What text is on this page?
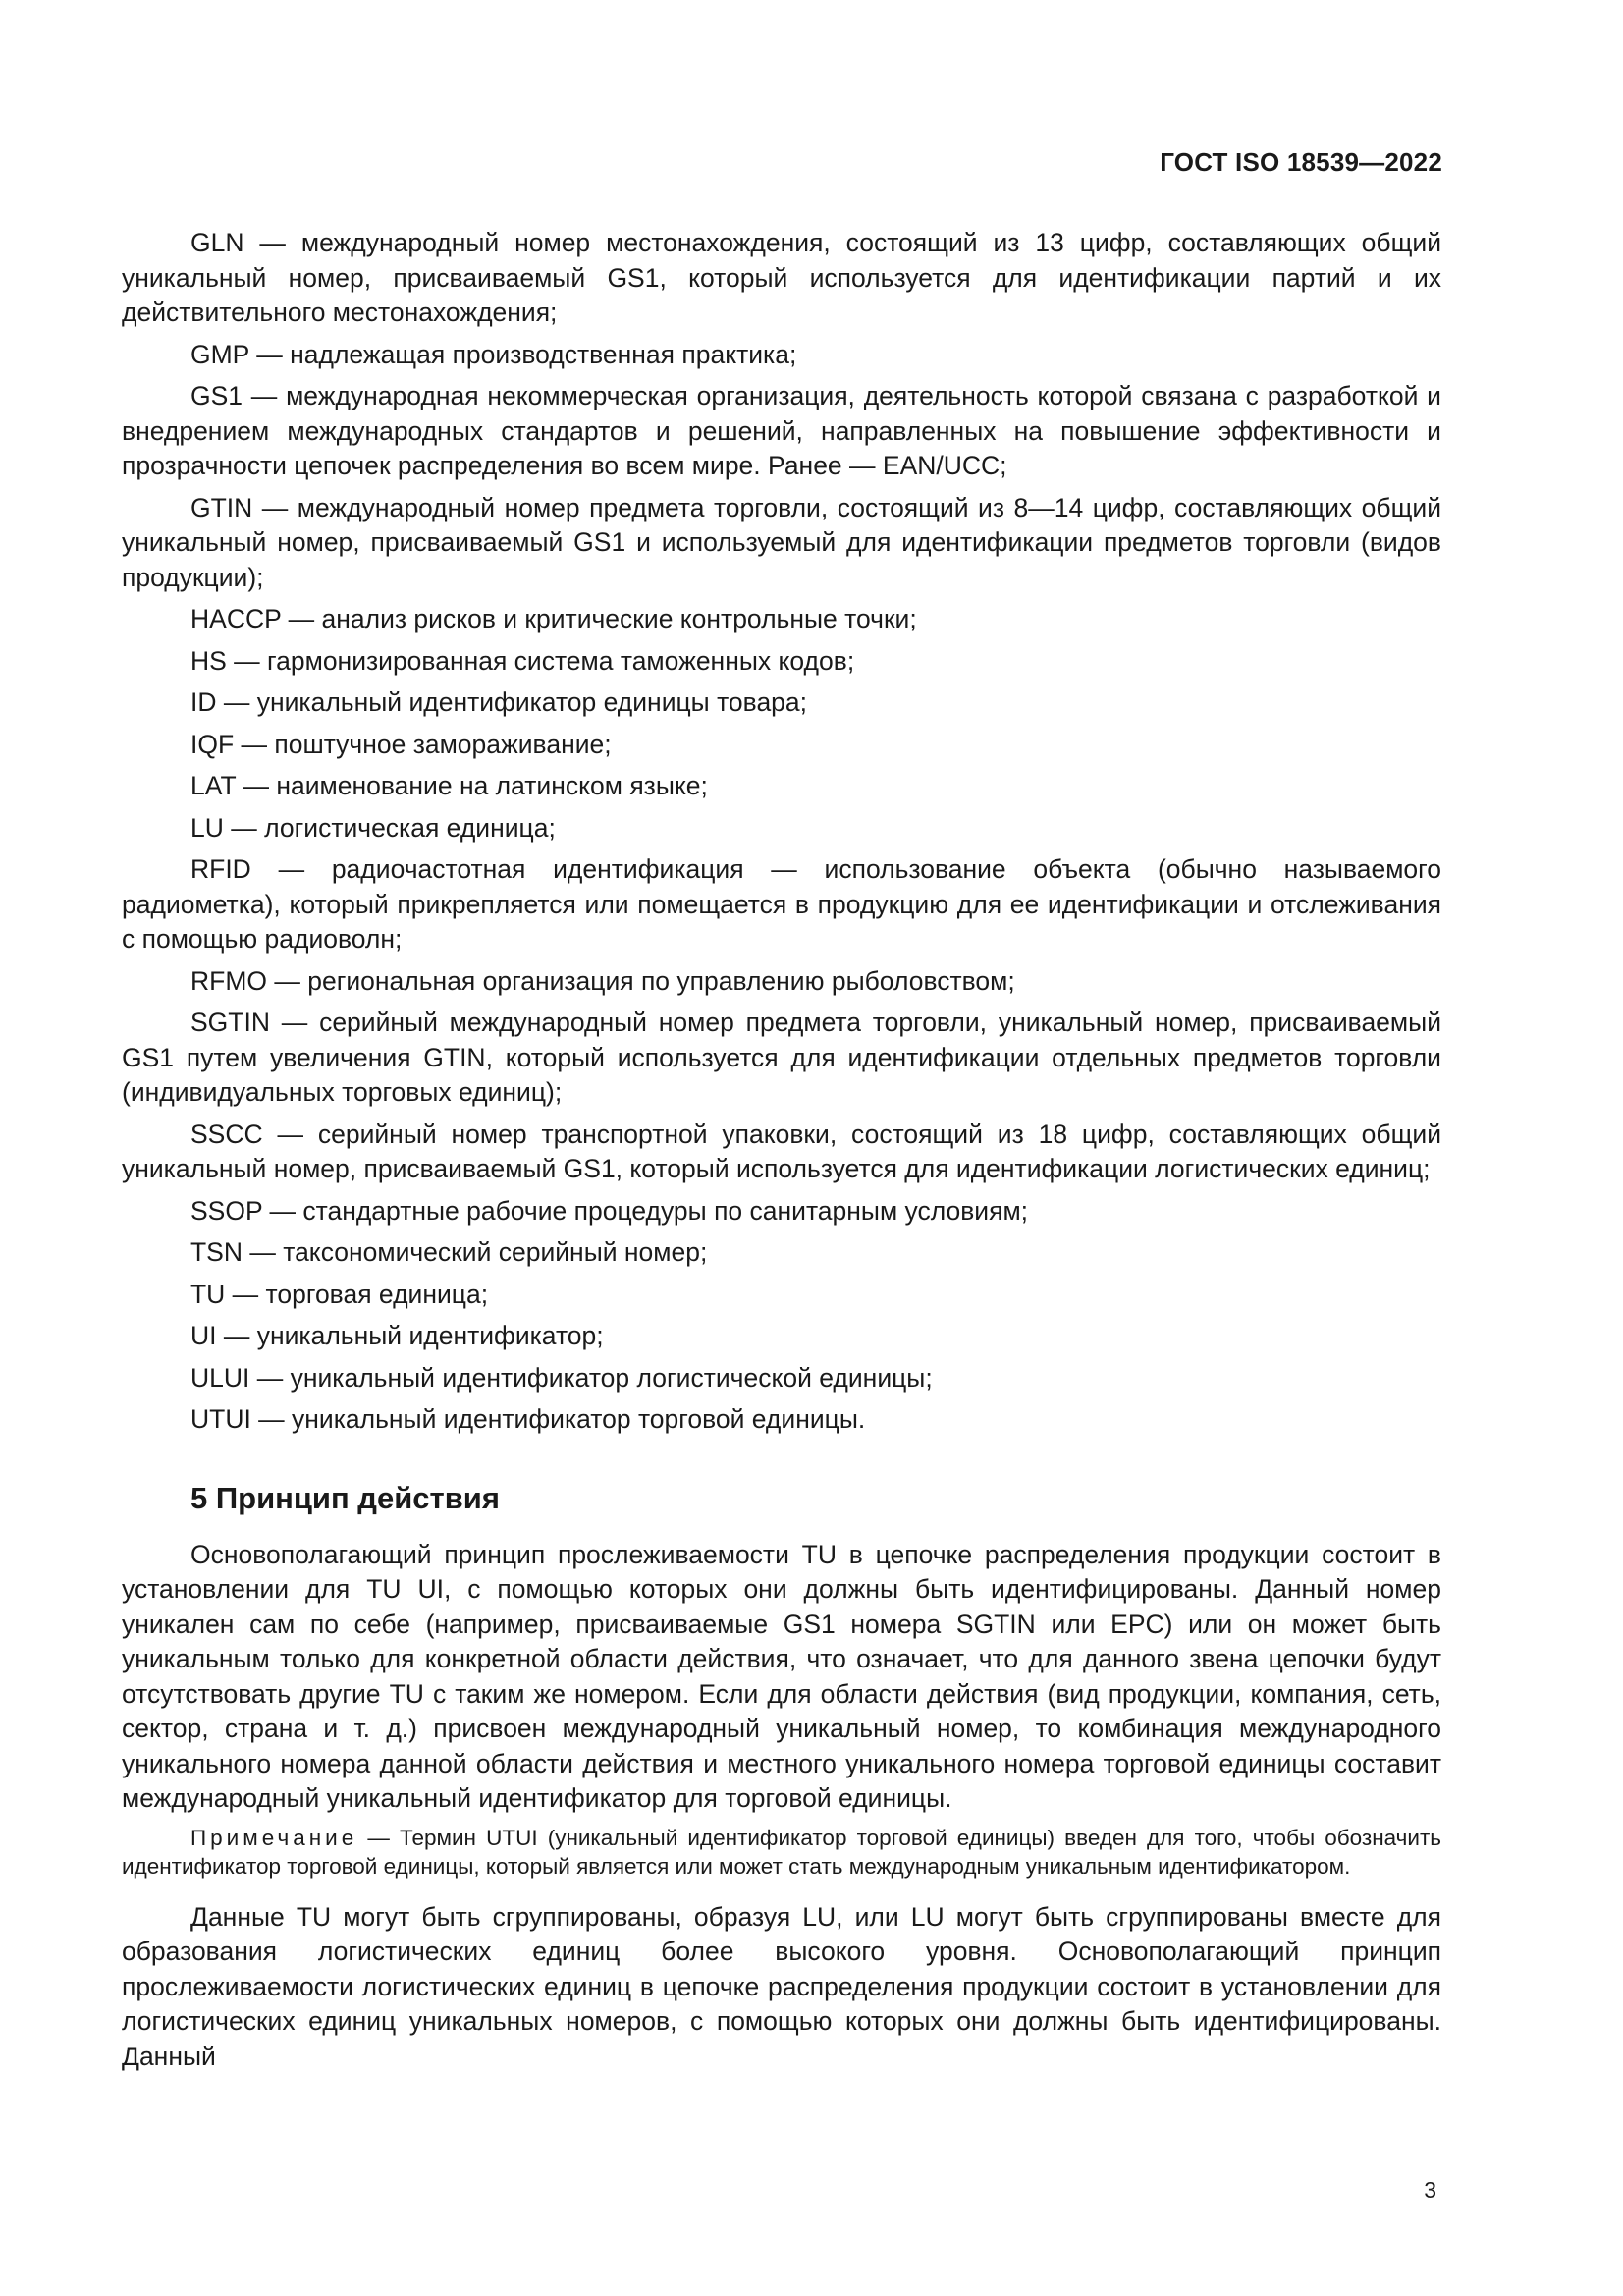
ГОСТ ISO 18539—2022

GLN — международный номер местонахождения, состоящий из 13 цифр, составляющих общий уникальный номер, присваиваемый GS1, который используется для идентификации партий и их действительного местонахождения;

GMP — надлежащая производственная практика;

GS1 — международная некоммерческая организация, деятельность которой связана с разработкой и внедрением международных стандартов и решений, направленных на повышение эффективности и прозрачности цепочек распределения во всем мире. Ранее — EAN/UCC;

GTIN — международный номер предмета торговли, состоящий из 8—14 цифр, составляющих общий уникальный номер, присваиваемый GS1 и используемый для идентификации предметов торговли (видов продукции);

HACCP — анализ рисков и критические контрольные точки;

HS — гармонизированная система таможенных кодов;

ID — уникальный идентификатор единицы товара;

IQF — поштучное замораживание;

LAT — наименование на латинском языке;

LU — логистическая единица;

RFID — радиочастотная идентификация — использование объекта (обычно называемого радиометка), который прикрепляется или помещается в продукцию для ее идентификации и отслеживания с помощью радиоволн;

RFMO — региональная организация по управлению рыболовством;

SGTIN — серийный международный номер предмета торговли, уникальный номер, присваиваемый GS1 путем увеличения GTIN, который используется для идентификации отдельных предметов торговли (индивидуальных торговых единиц);

SSCC — серийный номер транспортной упаковки, состоящий из 18 цифр, составляющих общий уникальный номер, присваиваемый GS1, который используется для идентификации логистических единиц;

SSOP — стандартные рабочие процедуры по санитарным условиям;

TSN — таксономический серийный номер;

TU — торговая единица;

UI — уникальный идентификатор;

ULUI — уникальный идентификатор логистической единицы;

UTUI — уникальный идентификатор торговой единицы.

5 Принцип действия

Основополагающий принцип прослеживаемости TU в цепочке распределения продукции состоит в установлении для TU UI, с помощью которых они должны быть идентифицированы. Данный номер уникален сам по себе (например, присваиваемые GS1 номера SGTIN или EPC) или он может быть уникальным только для конкретной области действия, что означает, что для данного звена цепочки будут отсутствовать другие TU с таким же номером. Если для области действия (вид продукции, компания, сеть, сектор, страна и т. д.) присвоен международный уникальный номер, то комбинация международного уникального номера данной области действия и местного уникального номера торговой единицы составит международный уникальный идентификатор для торговой единицы.

Примечание — Термин UTUI (уникальный идентификатор торговой единицы) введен для того, чтобы обозначить идентификатор торговой единицы, который является или может стать международным уникальным идентификатором.

Данные TU могут быть сгруппированы, образуя LU, или LU могут быть сгруппированы вместе для образования логистических единиц более высокого уровня. Основополагающий принцип прослеживаемости логистических единиц в цепочке распределения продукции состоит в установлении для логистических единиц уникальных номеров, с помощью которых они должны быть идентифицированы. Данный

3
